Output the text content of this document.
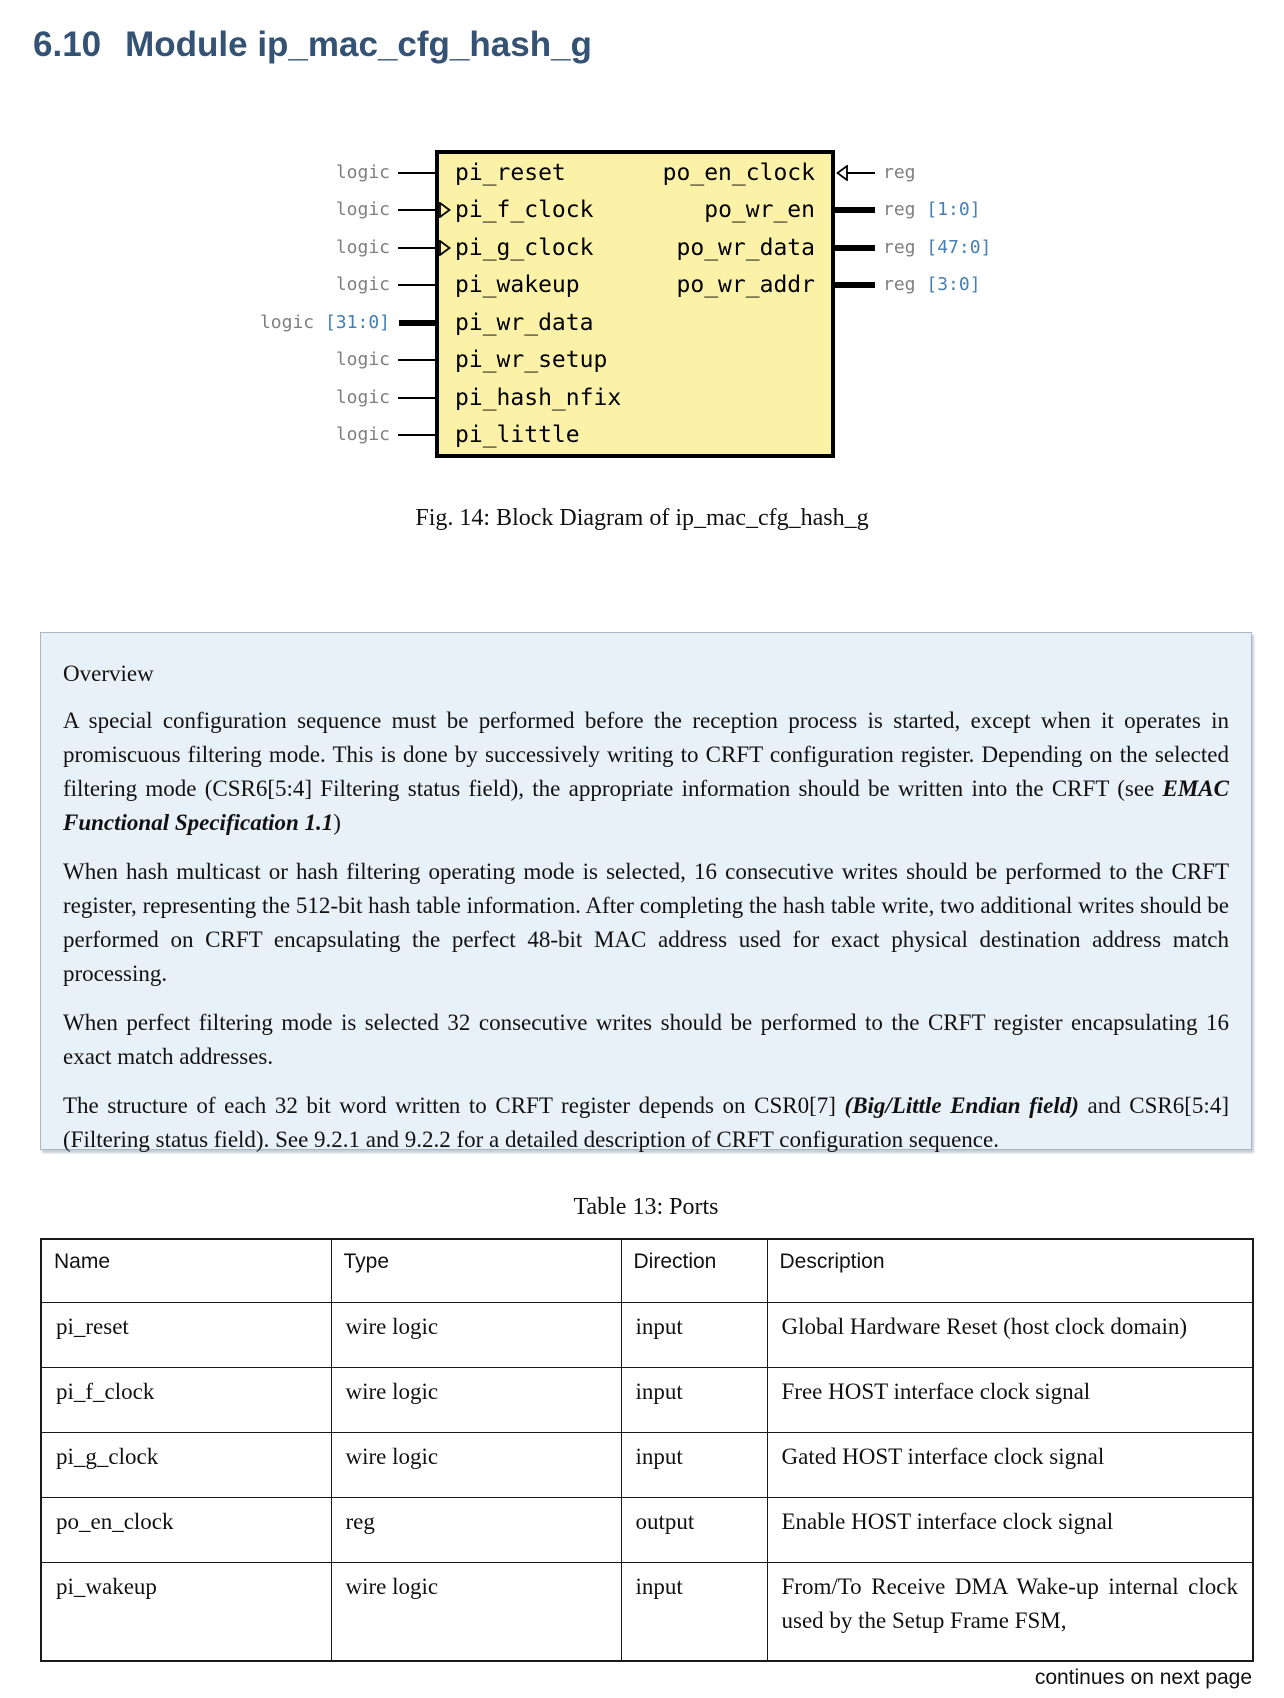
6.10 Module ip_mac_cfg_hash_g
pi_reset
pi_f_clock
pi_g_clock
pi_wakeup
pi_wr_data
pi_wr_setup
pi_hash_nfix
pi_little
po_en_clock
po_wr_en
po_wr_data
po_wr_addr
logic
logic
logic
logic
logic [31:0]
logic
logic
logic
reg
reg [1:0]
reg [47:0]
reg [3:0]
Fig. 14: Block Diagram of ip_mac_cfg_hash_g
Overview

A special configuration sequence must be performed before the reception process is started, except when it operates in promiscuous filtering mode. This is done by successively writing to CRFT configuration register. Depending on the selected filtering mode (CSR6[5:4] Filtering status field), the appropriate information should be written into the CRFT (see EMAC Functional Specification 1.1)

When hash multicast or hash filtering operating mode is selected, 16 consecutive writes should be performed to the CRFT register, representing the 512-bit hash table information. After completing the hash table write, two additional writes should be performed on CRFT encapsulating the perfect 48-bit MAC address used for exact physical destination address match processing.

When perfect filtering mode is selected 32 consecutive writes should be performed to the CRFT register encapsulating 16 exact match addresses.

The structure of each 32 bit word written to CRFT register depends on CSR0[7] (Big/Little Endian field) and CSR6[5:4] (Filtering status field). See 9.2.1 and 9.2.2 for a detailed description of CRFT configuration sequence.

Table 13: Ports
Name	Type	Direction	Description
pi_reset	wire logic	input	Global Hardware Reset (host clock domain)
pi_f_clock	wire logic	input	Free HOST interface clock signal
pi_g_clock	wire logic	input	Gated HOST interface clock signal
po_en_clock	reg	output	Enable HOST interface clock signal
pi_wakeup	wire logic	input	From/To Receive DMA Wake-up internal clock used by the Setup Frame FSM,
continues on next page
